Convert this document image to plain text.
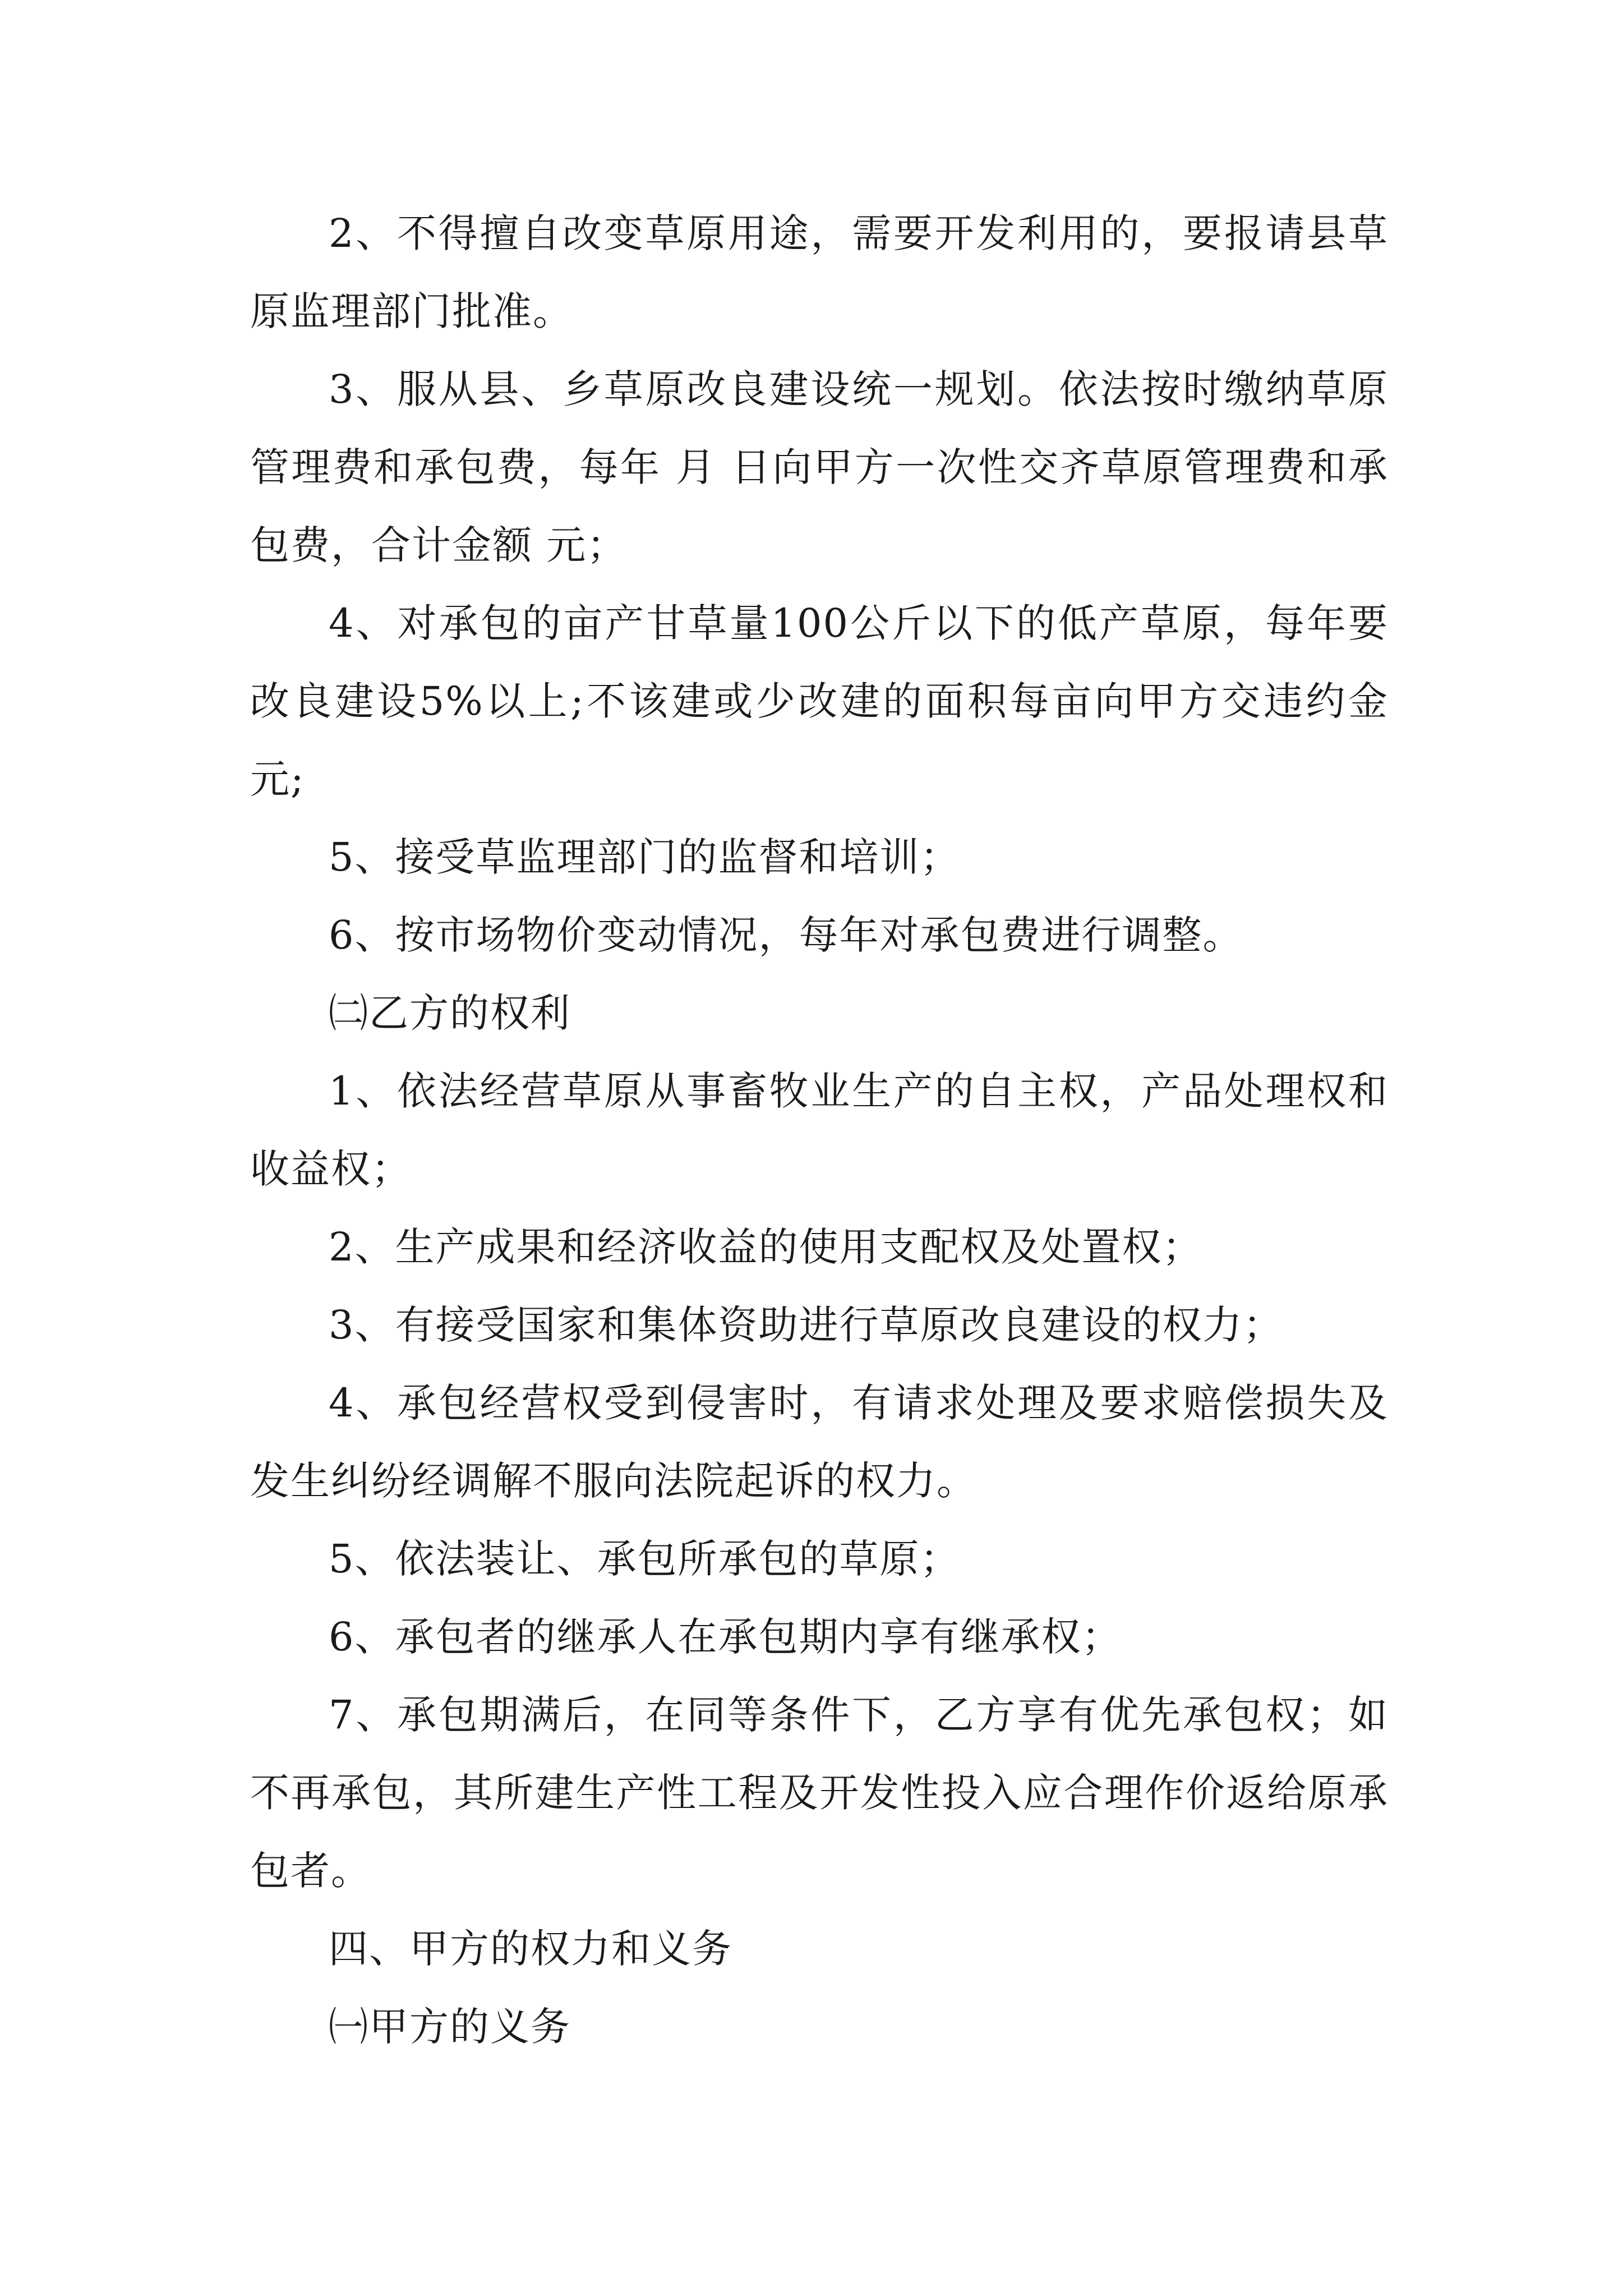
2、不得擅自改变草原用途，需要开发利用的，要报请县草原监理部门批准。

3、服从县、乡草原改良建设统一规划。依法按时缴纳草原管理费和承包费，每年 月 日向甲方一次性交齐草原管理费和承包费，合计金额 元；

4、对承包的亩产甘草量100公斤以下的低产草原，每年要改良建设5%以上;不该建或少改建的面积每亩向甲方交违约金元;

5、接受草监理部门的监督和培训；

6、按市场物价变动情况，每年对承包费进行调整。

㈡乙方的权利

1、依法经营草原从事畜牧业生产的自主权，产品处理权和收益权；

2、生产成果和经济收益的使用支配权及处置权；

3、有接受国家和集体资助进行草原改良建设的权力；

4、承包经营权受到侵害时，有请求处理及要求赔偿损失及发生纠纷经调解不服向法院起诉的权力。

5、依法装让、承包所承包的草原；

6、承包者的继承人在承包期内享有继承权；

7、承包期满后，在同等条件下，乙方享有优先承包权；如不再承包，其所建生产性工程及开发性投入应合理作价返给原承包者。

四、甲方的权力和义务

㈠甲方的义务
